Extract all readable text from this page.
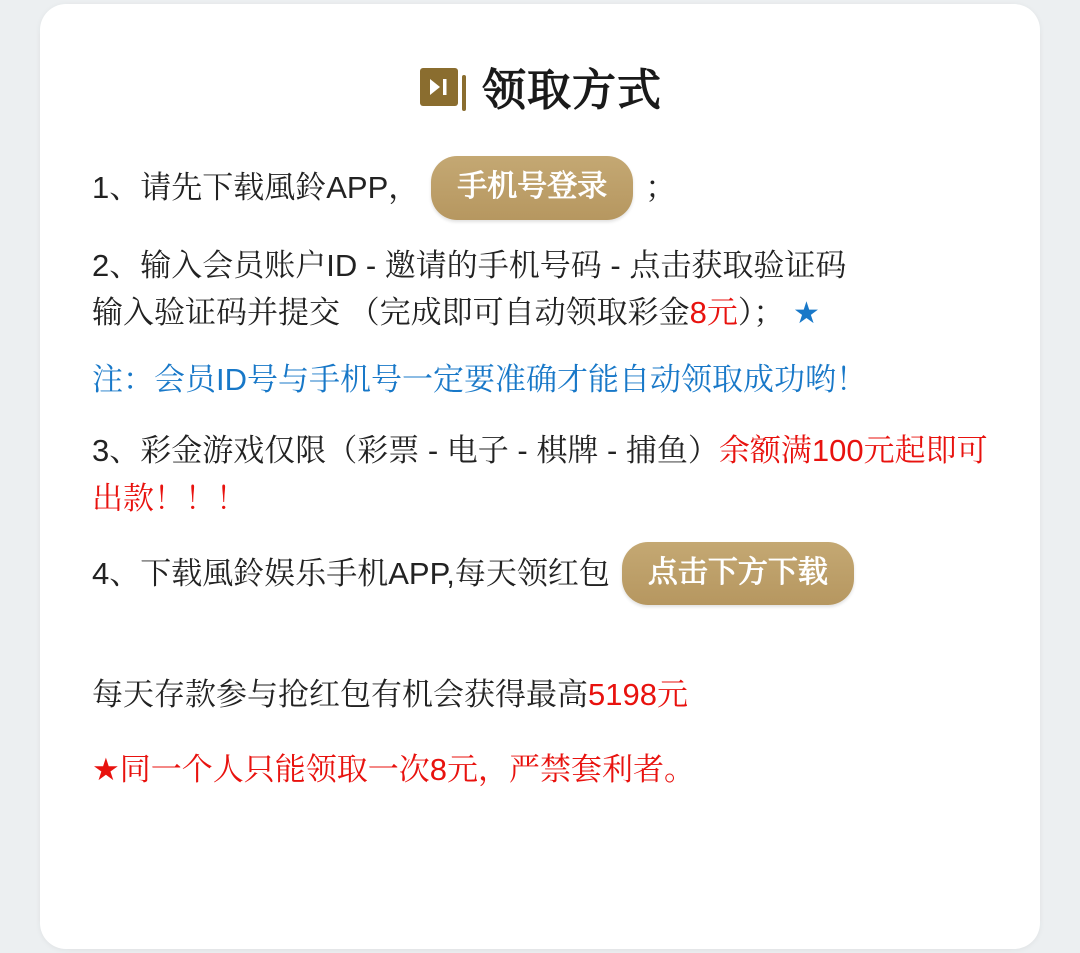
领取方式
1、请先下载風鈴APP，	手机号登录	；
2、输入会员账户ID - 邀请的手机号码 - 点击获取验证码
输入验证码并提交 （完成即可自动领取彩金8元）； ★
注：会员ID号与手机号一定要准确才能自动领取成功哟！
3、彩金游戏仅限（彩票 - 电子 - 棋牌 - 捕鱼）余额满100元起即可出款！！！
4、下载風鈴娱乐手机APP,每天领红包	点击下方下载
每天存款参与抢红包有机会获得最高5198元
★同一个人只能领取一次8元，严禁套利者。
